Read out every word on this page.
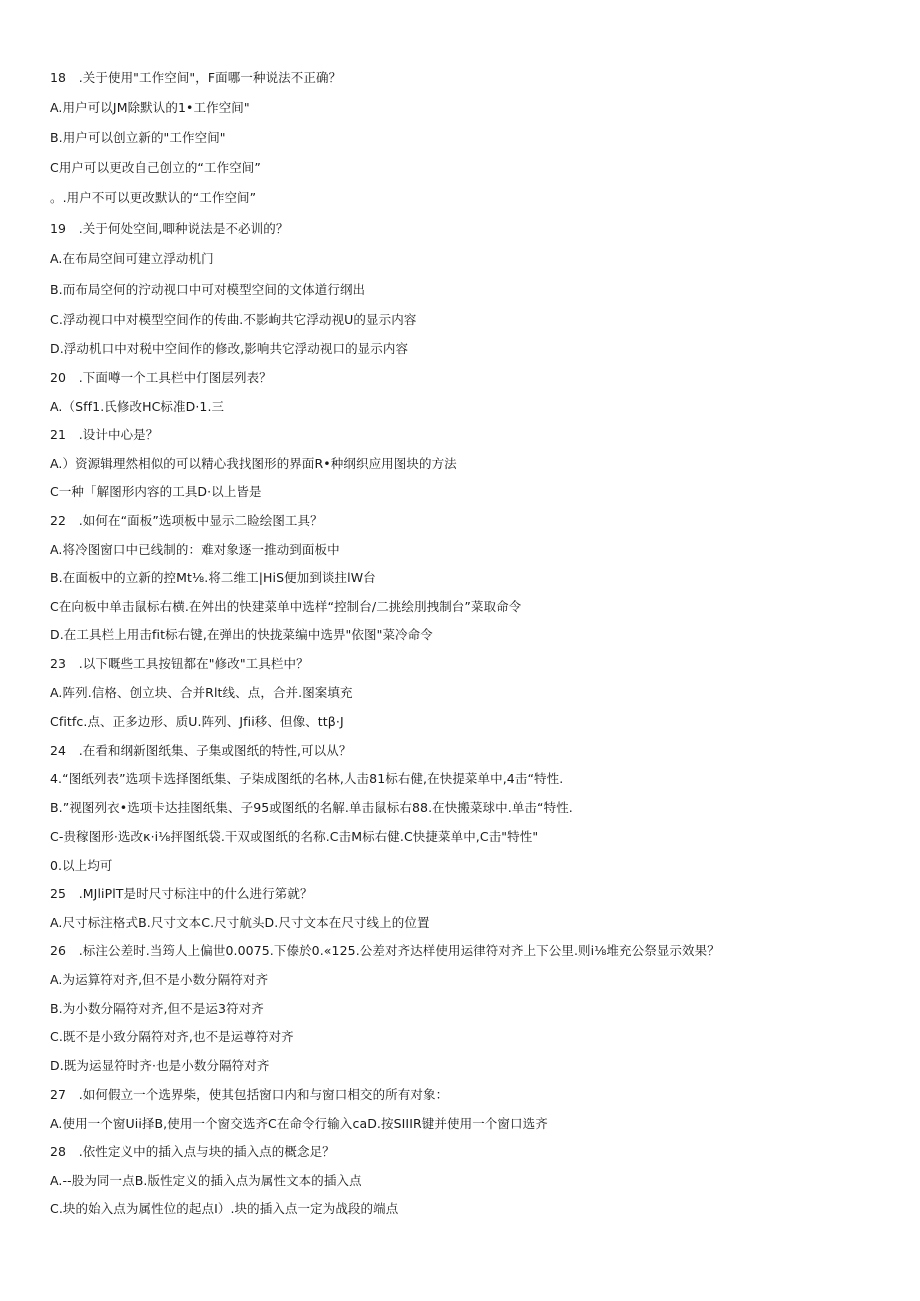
18　.关于使用"工作空间"，F面哪一种说法不正确？
A.用户可以JM除默认的1•工作空间"
B.用户可以创立新的"工作空间"
C用户可以更改自己创立的“工作空间”
。.用户不可以更改默认的“工作空间”
19　.关于何处空间,唧种说法是不必训的？
A.在布局空间可建立浮动机门
B.而布局空何的泞动视口中可对模型空间的文体道行纲出
C.浮动视口中对模型空间作的传曲.不影峋共它浮动视U的显示内容
D.浮动机口中对税中空间作的修改,影响共它浮动视口的显示内容
20　.下面噂一个工具栏中仃图层列表？
A.（Sff1.氏修改HC标准D·1.三
21　.设计中心是？
A.）资源辑理然相似的可以精心我找图形的界面R•种纲织应用图块的方法
C一种「解图形内容的工具D·以上皆是
22　.如何在“面板”选项板中显示二睑绘图工具？
A.将冷图窗口中已线制的：难对象逐一推动到面板中
B.在面板中的立新的控Mt⅛.将二维工|HiS便加到谈拄lW台
C在向板中单击鼠标右横.在舛出的快建菜单中选样“控制台/二挑绘刖拽制台”菜取命令
D.在工具栏上用击fit标右键,在弹出的快拢菜编中选畀"依图"菜冷命令
23　.以下嘅些工具按钮都在"修改"工具栏中？
A.阵列.信格、创立块、合并Rlt线、点，合并.图案填充
Cfitfc.点、正多边形、质U.阵列、Jfii移、但像、ttβ·J
24　.在看和纲新图纸集、子集或图纸的特性,可以从？
4.“图纸列表”选项卡选择图纸集、子柒成图纸的名林,人击81标右健,在快提菜单中,4击“特性.
B.”视图列衣•选项卡达挂图纸集、子95或图纸的名解.单击鼠标右88.在快搬菜球中.单击“特性.
C-贵稼图形·选改κ·i⅛抨图纸袋.干双或图纸的名称.C击M标右健.C快捷菜单中,C击"特性"
0.以上均可
25　.MJliPlT是时尺寸标注中的什么进行笫就？
A.尺寸标注格式B.尺寸文本C.尺寸航头D.尺寸文本在尺寸线上的位置
26　.标注公差时.当筠人上偏世0.0075.下傣於0.«125.公差对齐达样使用运律符对齐上下公里.则i⅛堆充公祭显示效果？
A.为运算符对齐,但不是小数分隔符对齐
B.为小数分隔符对齐,但不是运3符对齐
C.既不是小致分隔符对齐,也不是运尊符对齐
D.既为运显符时齐·也是小数分隔符对齐
27　.如何假立一个选界柴，使其包括窗口内和与窗口相交的所有对象：
A.使用一个窗Uii择B,使用一个窗交选齐C在命令行输入caD.按SIIIR键并使用一个窗口选齐
28　.依性定义中的插入点与块的插入点的概念足？
A.--股为同一点B.版性定义的插入点为属性文本的插入点
C.块的始入点为属性位的起点I）.块的插入点一定为战段的端点
